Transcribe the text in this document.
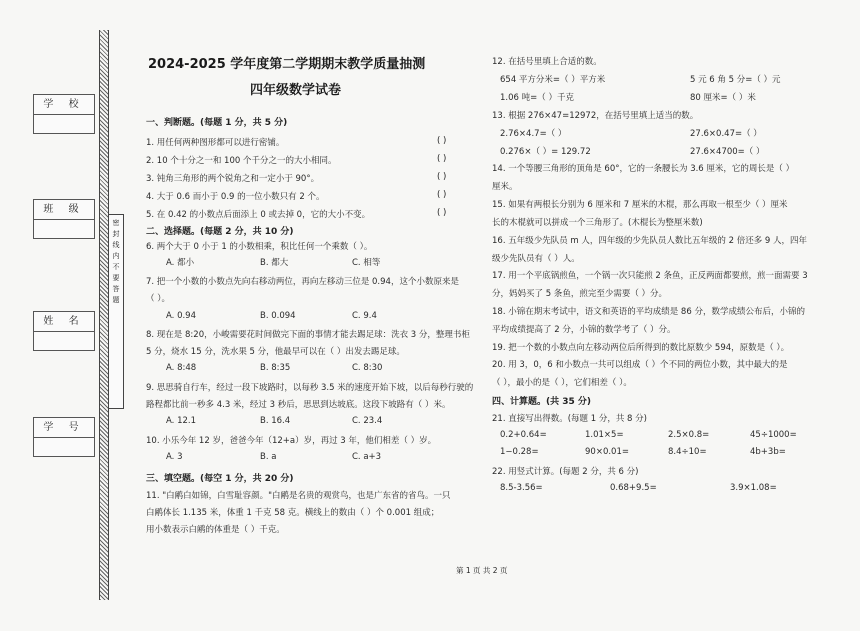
学 校
班 级
姓 名
学 号
密
封
线
内
不
要
答
题
2024-2025 学年度第二学期期末教学质量抽测
四年级数学试卷
一、判断题。(每题 1 分，共 5 分)
1. 用任何两种图形都可以进行密铺。	( )
2. 10 个十分之一和 100 个千分之一的大小相同。	( )
3. 钝角三角形的两个锐角之和一定小于 90°。	( )
4. 大于 0.6 而小于 0.9 的一位小数只有 2 个。	( )
5. 在 0.42 的小数点后面添上 0 或去掉 0，它的大小不变。	( )
二、选择题。(每题 2 分，共 10 分)
6. 两个大于 0 小于 1 的小数相乘，积比任何一个乘数（ ）。
A. 都小	B. 都大	C. 相等
7. 把一个小数的小数点先向右移动两位，再向左移动三位是 0.94，这个小数原来是
（ ）。
A. 0.94	B. 0.094	C. 9.4
8. 现在是 8:20，小峻需要花时间做完下面的事情才能去踢足球：洗衣 3 分，整理书柜
5 分，烧水 15 分，洗水果 5 分，他最早可以在（ ）出发去踢足球。
A. 8:48	B. 8:35	C. 8:30
9. 思思骑自行车，经过一段下坡路时，以每秒 3.5 米的速度开始下坡，以后每秒行驶的
路程都比前一秒多 4.3 米，经过 3 秒后，思思到达坡底。这段下坡路有（ ）米。
A. 12.1	B. 16.4	C. 23.4
10. 小乐今年 12 岁，爸爸今年（12+a）岁，再过 3 年，他们相差（ ）岁。
A. 3	B. a	C. a+3
三、填空题。(每空 1 分，共 20 分)
11. "白鹇白如锦，白雪耻容颜。"白鹇是名贵的观赏鸟，也是广东省的省鸟。一只
白鹇体长 1.135 米，体重 1 千克 58 克。横线上的数由（ ）个 0.001 组成；
用小数表示白鹇的体重是（ ）千克。
12. 在括号里填上合适的数。
654 平方分米=（ ）平方米	5 元 6 角 5 分=（ ）元
1.06 吨=（ ）千克	80 厘米=（ ）米
13. 根据 276×47=12972，在括号里填上适当的数。
2.76×4.7=（ ）	27.6×0.47=（ ）
0.276×（ ）= 129.72	27.6×4700=（ ）
14. 一个等腰三角形的顶角是 60°，它的一条腰长为 3.6 厘米，它的周长是（ ）
厘米。
15. 如果有两根长分别为 6 厘米和 7 厘米的木棍，那么再取一根至少（ ）厘米
长的木棍就可以拼成一个三角形了。(木棍长为整厘米数)
16. 五年级少先队员 m 人，四年级的少先队员人数比五年级的 2 倍还多 9 人，四年
级少先队员有（ ）人。
17. 用一个平底锅煎鱼，一个锅一次只能煎 2 条鱼，正反两面都要煎，煎一面需要 3
分，妈妈买了 5 条鱼，煎完至少需要（ ）分。
18. 小锦在期末考试中，语文和英语的平均成绩是 86 分，数学成绩公布后，小锦的
平均成绩提高了 2 分，小锦的数学考了（ ）分。
19. 把一个数的小数点向左移动两位后所得到的数比原数少 594，原数是（ ）。
20. 用 3，0，6 和小数点一共可以组成（ ）个不同的两位小数，其中最大的是
（ ），最小的是（ ），它们相差（ ）。
四、计算题。(共 35 分)
21. 直接写出得数。(每题 1 分，共 8 分)
0.2+0.64=	1.01×5=	2.5×0.8=	45÷1000=
1−0.28=	90×0.01=	8.4÷10=	4b+3b=
22. 用竖式计算。(每题 2 分，共 6 分)
8.5-3.56=	0.68+9.5=	3.9×1.08=
第 1 页 共 2 页
